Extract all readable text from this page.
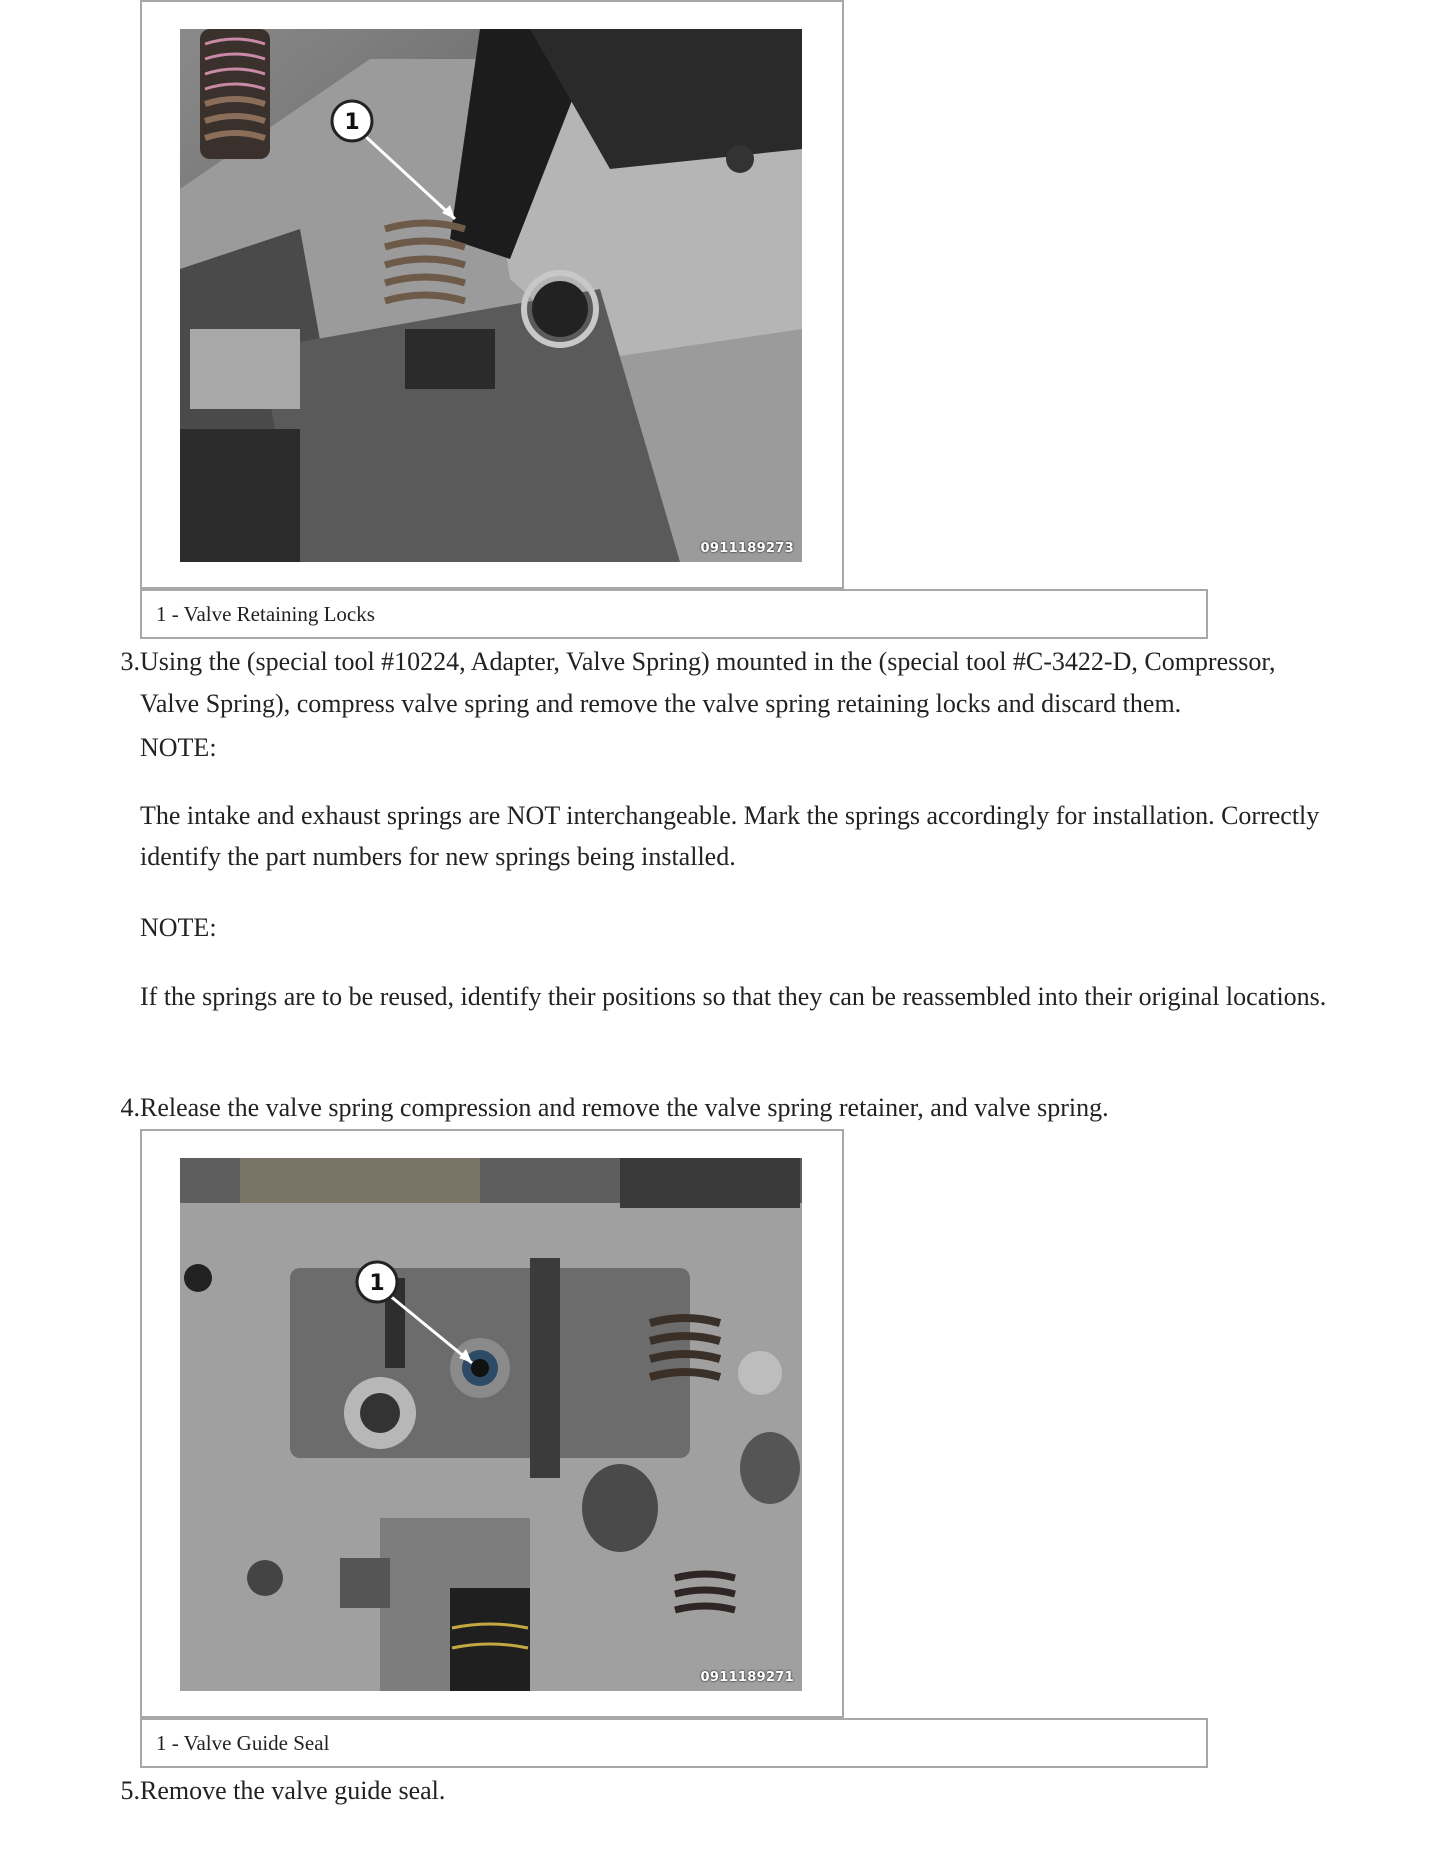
1
0911189273
1 - Valve Retaining Locks
3. Using the (special tool #10224, Adapter, Valve Spring) mounted in the (special tool #C-3422-D, Compressor, Valve Spring), compress valve spring and remove the valve spring retaining locks and discard them.
NOTE:
The intake and exhaust springs are NOT interchangeable. Mark the springs accordingly for installation. Correctly identify the part numbers for new springs being installed.
NOTE:
If the springs are to be reused, identify their positions so that they can be reassembled into their original locations.
4. Release the valve spring compression and remove the valve spring retainer, and valve spring.
1
0911189271
1 - Valve Guide Seal
5. Remove the valve guide seal.
